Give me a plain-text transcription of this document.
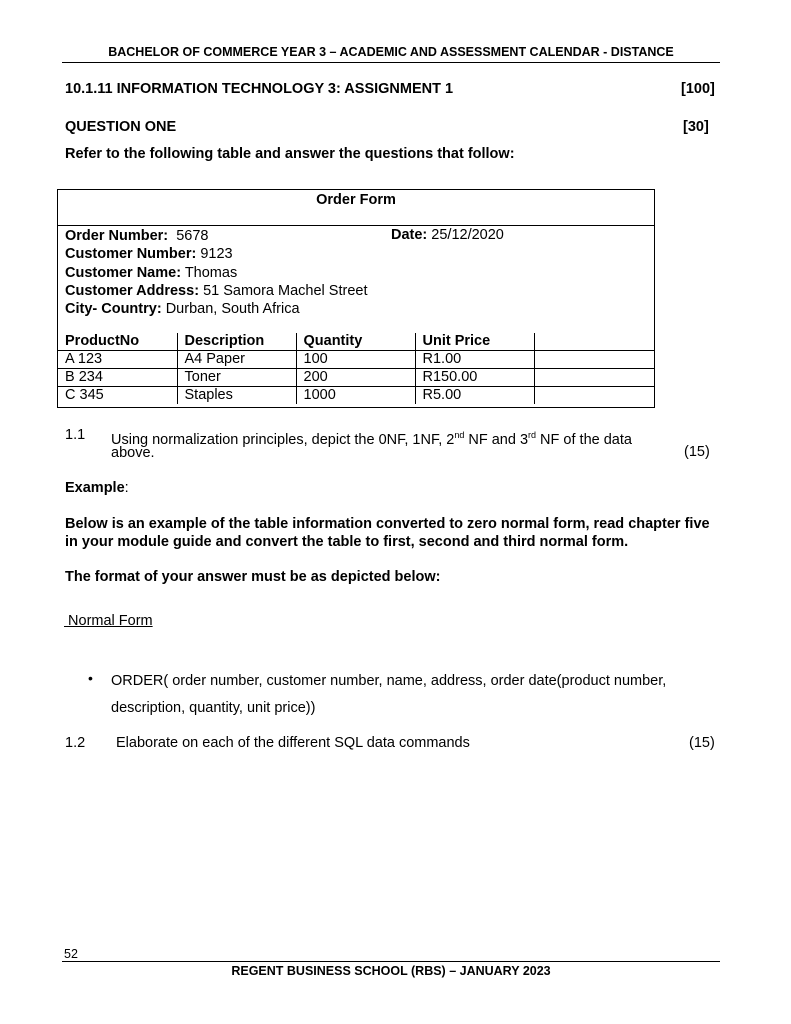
BACHELOR OF COMMERCE YEAR 3 – ACADEMIC AND ASSESSMENT CALENDAR - DISTANCE
10.1.11 INFORMATION TECHNOLOGY 3: ASSIGNMENT 1	[100]
QUESTION ONE	[30]
Refer to the following table and answer the questions that follow:
Order Form
Order Number: 5678
Customer Number: 9123
Customer Name: Thomas
Customer Address: 51 Samora Machel Street
City- Country: Durban, South Africa
Date: 25/12/2020
ProductNo	Description	Quantity	Unit Price	
A 123	A4 Paper	100	R1.00	
B 234	Toner	200	R150.00	
C 345	Staples	1000	R5.00	
1.1 Using normalization principles, depict the 0NF, 1NF, 2nd NF and 3rd NF of the data
above.	(15)
Example:
Below is an example of the table information converted to zero normal form, read chapter five in your module guide and convert the table to first, second and third normal form.
The format of your answer must be as depicted below:
Normal Form
• ORDER( order number, customer number, name, address, order date(product number,
description, quantity, unit price))
1.2 Elaborate on each of the different SQL data commands	(15)
52
REGENT BUSINESS SCHOOL (RBS) – JANUARY 2023
